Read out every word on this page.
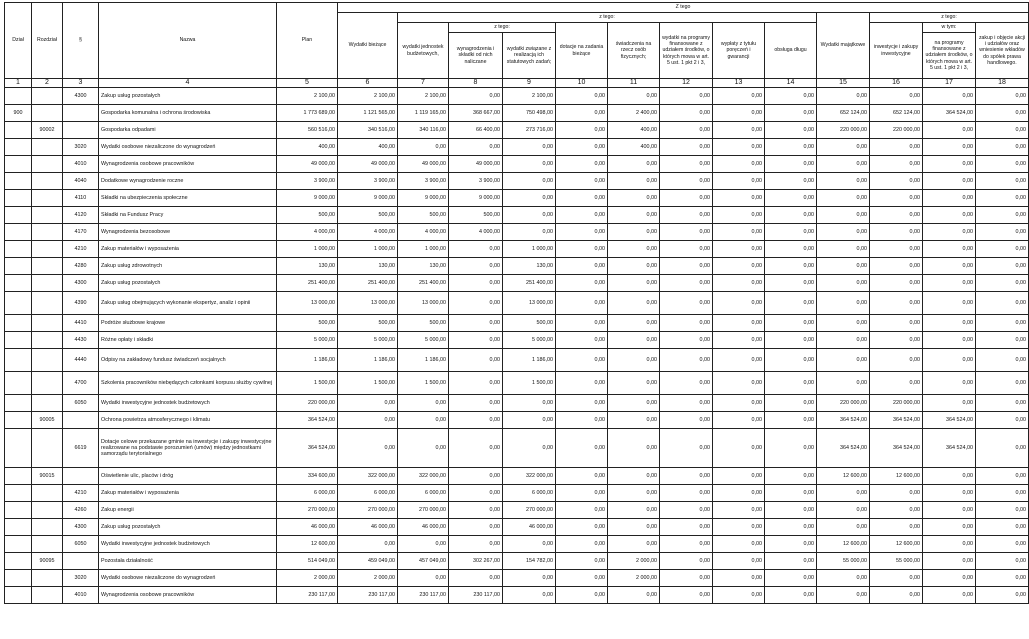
Dział	Rozdział	§	Nazwa	Plan	Z tego												
					Wydatki bieżące	z tego:								Wydatki majątkowe	z tego:		
						wydatki jednostek budżetowych,	z tego:		dotacje na zadania bieżące	świadczenia na rzecz osób fizycznych;	wydatki na programy finansowane z udziałem środków, o których mowa w art. 5 ust. 1 pkt 2 i 3,	wypłaty z tytułu poręczeń i gwarancji	obsługa długu		inwestycje i zakupy inwestycyjne	w tym:	zakup i objęcie akcji i udziałów oraz wniesienie wkładów do spółek prawa handlowego.
							wynagrodzenia i składki od nich naliczane	wydatki związane z realizacją ich statutowych zadań;								na programy finansowane z udziałem środków, o których mowa w art. 5 ust. 1 pkt 2 i 3,	
1	2	3	4	5	6	7	8	9	10	11	12	13	14	15	16	17	18
		4300	Zakup usług pozostałych	2 100,00	2 100,00	2 100,00	0,00	2 100,00	0,00	0,00	0,00	0,00	0,00	0,00	0,00	0,00	0,00
900			Gospodarka komunalna i ochrona środowiska	1 773 689,00	1 121 565,00	1 119 165,00	368 667,00	750 498,00	0,00	2 400,00	0,00	0,00	0,00	652 124,00	652 124,00	364 524,00	0,00
	90002		Gospodarka odpadami	560 516,00	340 516,00	340 116,00	66 400,00	273 716,00	0,00	400,00	0,00	0,00	0,00	220 000,00	220 000,00	0,00	0,00
		3020	Wydatki osobowe niezaliczone do wynagrodzeń	400,00	400,00	0,00	0,00	0,00	0,00	400,00	0,00	0,00	0,00	0,00	0,00	0,00	0,00
		4010	Wynagrodzenia osobowe pracowników	49 000,00	49 000,00	49 000,00	49 000,00	0,00	0,00	0,00	0,00	0,00	0,00	0,00	0,00	0,00	0,00
		4040	Dodatkowe wynagrodzenie roczne	3 900,00	3 900,00	3 900,00	3 900,00	0,00	0,00	0,00	0,00	0,00	0,00	0,00	0,00	0,00	0,00
		4110	Składki na ubezpieczenia społeczne	9 000,00	9 000,00	9 000,00	9 000,00	0,00	0,00	0,00	0,00	0,00	0,00	0,00	0,00	0,00	0,00
		4120	Składki na Fundusz Pracy	500,00	500,00	500,00	500,00	0,00	0,00	0,00	0,00	0,00	0,00	0,00	0,00	0,00	0,00
		4170	Wynagrodzenia bezosobowe	4 000,00	4 000,00	4 000,00	4 000,00	0,00	0,00	0,00	0,00	0,00	0,00	0,00	0,00	0,00	0,00
		4210	Zakup materiałów i wyposażenia	1 000,00	1 000,00	1 000,00	0,00	1 000,00	0,00	0,00	0,00	0,00	0,00	0,00	0,00	0,00	0,00
		4280	Zakup usług zdrowotnych	130,00	130,00	130,00	0,00	130,00	0,00	0,00	0,00	0,00	0,00	0,00	0,00	0,00	0,00
		4300	Zakup usług pozostałych	251 400,00	251 400,00	251 400,00	0,00	251 400,00	0,00	0,00	0,00	0,00	0,00	0,00	0,00	0,00	0,00
		4390	Zakup usług obejmujących wykonanie ekspertyz, analiz i opinii	13 000,00	13 000,00	13 000,00	0,00	13 000,00	0,00	0,00	0,00	0,00	0,00	0,00	0,00	0,00	0,00
		4410	Podróże służbowe krajowe	500,00	500,00	500,00	0,00	500,00	0,00	0,00	0,00	0,00	0,00	0,00	0,00	0,00	0,00
		4430	Różne opłaty i składki	5 000,00	5 000,00	5 000,00	0,00	5 000,00	0,00	0,00	0,00	0,00	0,00	0,00	0,00	0,00	0,00
		4440	Odpisy na zakładowy fundusz świadczeń socjalnych	1 186,00	1 186,00	1 186,00	0,00	1 186,00	0,00	0,00	0,00	0,00	0,00	0,00	0,00	0,00	0,00
		4700	Szkolenia pracowników niebędących członkami korpusu służby cywilnej	1 500,00	1 500,00	1 500,00	0,00	1 500,00	0,00	0,00	0,00	0,00	0,00	0,00	0,00	0,00	0,00
		6050	Wydatki inwestycyjne jednostek budżetowych	220 000,00	0,00	0,00	0,00	0,00	0,00	0,00	0,00	0,00	0,00	220 000,00	220 000,00	0,00	0,00
	90005		Ochrona powietrza atmosferycznego i klimatu	364 524,00	0,00	0,00	0,00	0,00	0,00	0,00	0,00	0,00	0,00	364 524,00	364 524,00	364 524,00	0,00
		6619	Dotacje celowe przekazane gminie na inwestycje i zakupy inwestycyjne realizowane na podstawie porozumień (umów) między jednostkami samorządu terytorialnego	364 524,00	0,00	0,00	0,00	0,00	0,00	0,00	0,00	0,00	0,00	364 524,00	364 524,00	364 524,00	0,00
	90015		Oświetlenie ulic, placów i dróg	334 600,00	322 000,00	322 000,00	0,00	322 000,00	0,00	0,00	0,00	0,00	0,00	12 600,00	12 600,00	0,00	0,00
		4210	Zakup materiałów i wyposażenia	6 000,00	6 000,00	6 000,00	0,00	6 000,00	0,00	0,00	0,00	0,00	0,00	0,00	0,00	0,00	0,00
		4260	Zakup energii	270 000,00	270 000,00	270 000,00	0,00	270 000,00	0,00	0,00	0,00	0,00	0,00	0,00	0,00	0,00	0,00
		4300	Zakup usług pozostałych	46 000,00	46 000,00	46 000,00	0,00	46 000,00	0,00	0,00	0,00	0,00	0,00	0,00	0,00	0,00	0,00
		6050	Wydatki inwestycyjne jednostek budżetowych	12 600,00	0,00	0,00	0,00	0,00	0,00	0,00	0,00	0,00	0,00	12 600,00	12 600,00	0,00	0,00
	90095		Pozostała działalność	514 049,00	459 049,00	457 049,00	302 267,00	154 782,00	0,00	2 000,00	0,00	0,00	0,00	55 000,00	55 000,00	0,00	0,00
		3020	Wydatki osobowe niezaliczone do wynagrodzeń	2 000,00	2 000,00	0,00	0,00	0,00	0,00	2 000,00	0,00	0,00	0,00	0,00	0,00	0,00	0,00
		4010	Wynagrodzenia osobowe pracowników	230 117,00	230 117,00	230 117,00	230 117,00	0,00	0,00	0,00	0,00	0,00	0,00	0,00	0,00	0,00	0,00
